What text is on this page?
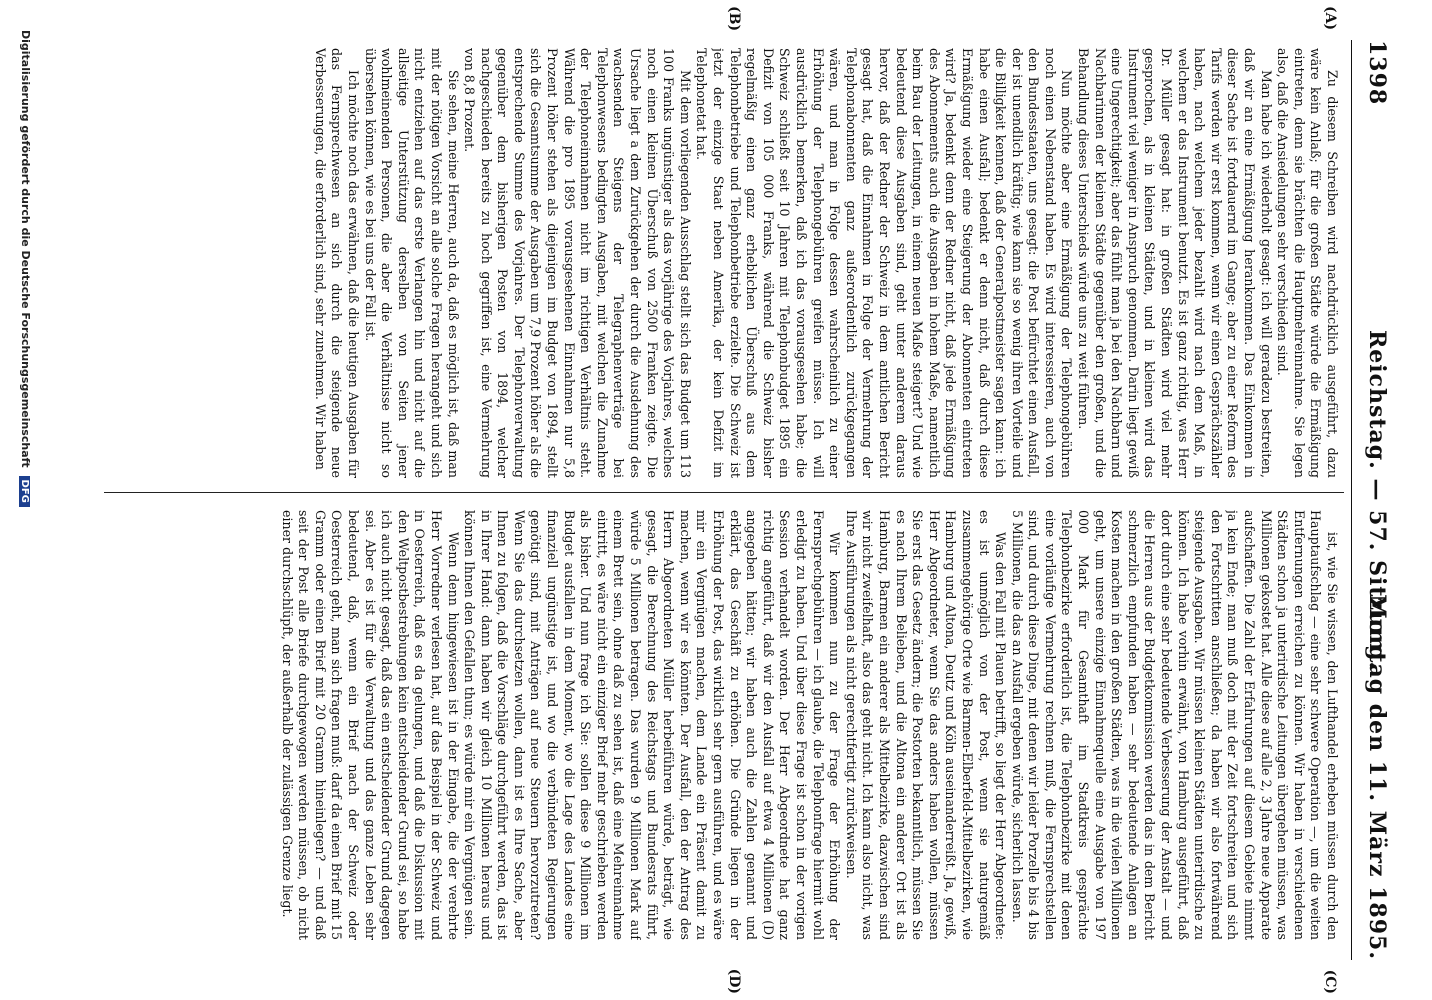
1398
Reichstag. — 57. Sitzung.
Montag den 11. März 1895.
(A)
(B)
(C)
(D)

Zu diesem Schreiben wird nachdrücklich ausgeführt, dazu wäre kein Anlaß; für die großen Städte würde die Ermäßigung eintreten, denn sie brächten die Hauptmehreinnahme. Sie legen also, daß die Ansiedelungen sehr verschieden sind.

Man habe ich wiederholt gesagt: ich will geradezu bestreiten, daß wir an eine Ermäßigung herankommen. Das Einkommen in dieser Sache ist fortdauernd im Gange; aber zu einer Reform des Tarifs werden wir erst kommen, wenn wir einen Gesprächszähler haben, nach welchem jeder bezahlt wird nach dem Maß, in welchem er das Instrument benutzt. Es ist ganz richtig, was Herr Dr. Müller gesagt hat: in großen Städten wird viel mehr gesprochen, als in kleinen Städten, und in kleinen wird das Instrument viel weniger in Anspruch genommen. Darin liegt gewiß eine Ungerechtigkeit; aber das fühlt man ja bei den Nachbarn und Nachbarinnen der kleinen Städte gegenüber den großen, und die Behandlung dieses Unterschieds würde uns zu weit führen.

Nun möchte aber eine Ermäßigung der Telephongebühren noch einen Nebenstand haben. Es wird interessieren, auch von den Bundesstaaten, uns gesagt: die Post befürchtet einen Ausfall, der ist unendlich kräftig; wie kann sie so wenig ihren Vorteile und die Billigkeit kennen, daß der Generalpostmeister sagen kann: ich habe einen Ausfall; bedenkt er denn nicht, daß durch diese Ermäßigung wieder eine Steigerung der Abonnenten eintreten wird? Ja, bedenkt denn der Redner nicht, daß jede Ermäßigung des Abonnements auch die Ausgaben in hohem Maße, namentlich beim Bau der Leitungen, in einem neuen Maße steigert? Und wie bedeutend diese Ausgaben sind, geht unter anderem daraus hervor, daß der Redner der Schweiz in dem amtlichen Bericht gesagt hat, daß die Einnahmen in Folge der Vermehrung der Telephonabonnenten ganz außerordentlich zurückgegangen wären, und man in Folge dessen wahrscheinlich zu einer Erhöhung der Telephongebühren greifen müsse. Ich will ausdrücklich bemerken, daß ich das vorausgesehen habe; die Schweiz schließt seit 10 Jahren mit Telephonbudget 1895 ein Defizit von 105 000 Franks, während die Schweiz bisher regelmäßig einen ganz erheblichen Überschuß aus dem Telephonbetriebe und Telephonbetriebe erzielte. Die Schweiz ist jetzt der einzige Staat neben Amerika, der kein Defizit im Telephonetat hat.

Mit dem vorliegenden Ausschlag stellt sich das Budget um 113 100 Franks ungünstiger als das vorjährige des Vorjahres, welches noch einen kleinen Überschuß von 2500 Franken zeigte. Die Ursache liegt a dem Zurückgehen der durch die Ausdehnung des wachsenden Steigens der Telegraphenverträge bei Telephonwesens bedingten Ausgaben, mit welchen die Zunahme der Telephoneinnahmen nicht im richtigen Verhältnis steht. Während die pro 1895 vorausgesehenen Einnahmen nur 5,8 Prozent höher stehen als diejenigen im Budget von 1894, stellt sich die Gesamtsumme der Ausgaben um 7,9 Prozent höher als die entsprechende Summe des Vorjahres. Der Telephonverwaltung gegenüber dem bisherigen Posten von 1894, welcher nachgeschieden bereits zu hoch gegriffen ist, eine Vermehrung von 8,8 Prozent.

Sie sehen, meine Herren, auch da, daß es möglich ist, daß man mit der nötigen Vorsicht an alle solche Fragen herangeht und sich nicht entziehen auf das erste Verlangen hin und nicht auf die allseitige Unterstützung derselben von Seiten jener wohlmeinenden Personen, die aber die Verhältnisse nicht so übersehen können, wie es bei uns der Fall ist.

Ich möchte noch das erwähnen, daß die heutigen Ausgaben für das Fernsprechwesen an sich durch die steigende neue Verbesserungen, die erforderlich sind, sehr zunehmen. Wir haben

ist, wie Sie wissen, den Lufthandel erheben müssen durch den Hauptaufschlag — eine sehr schwere Operation —, um die weiten Entfernungen erreichen zu können. Wir haben in verschiedenen Städten schon ja unterirdische Leitungen übergehen müssen, was Millionen gekostet hat. Alle diese auf alle 2, 3 Jahre neue Apparate aufschaffen. Die Zahl der Erfahrungen auf diesem Gebiete nimmt ja kein Ende; man muß doch mit der Zeit fortschreiten und sich den Fortschritten anschließen; da haben wir also fortwährend steigende Ausgaben. Wir müssen kleinen Städten unterirdische zu können. Ich habe vorhin erwähnt, von Hamburg ausgeführt, daß dort durch eine sehr bedeutende Verbesserung der Anstalt — und die Herren aus der Budgetkommission werden das in dem Bericht schmerzlich empfunden haben — sehr bedeutende Anlagen an Kosten machen in den großen Städten, was in die vielen Millionen geht, um unsere einzige Einnahmequelle eine Ausgabe von 197 000 Mark für Gesamthaft im Stadtkreis gesprächte Telephonbezirke erforderlich ist, die Telephonbezirke mit denen eine vorläufige Vermehrung rechnen muß, die Fernsprechstellen sind, und durch diese Dinge, mit denen wir leider Porzelle bis 4 bis 5 Millionen, die das an Ausfall ergeben würde, sicherlich lassen.

Was den Fall mit Plauen betrifft, so liegt der Herr Abgeordnete: es ist unmöglich von der Post, wenn sie naturgemäß zusammengehörige Orte wie Barmen-Elberfeld-Mittelbezirken, wie Hamburg und Altona, Deutz und Köln auseinanderreißt. Ja, gewiß, Herr Abgeordneter, wenn Sie das anders haben wollen, müssen Sie erst das Gesetz ändern; die Postorten bekanntlich, müssen Sie es nach Ihrem Belieben, und die Altona ein anderer Ort ist als Hamburg, Barmen ein anderer als Mittelbezirke, dazwischen sind wir nicht zweifelhaft, also das geht nicht. Ich kann also nicht, was Ihre Ausführungen als nicht gerechtfertigt zurückweisen.

Wir kommen nun zu der Frage der Erhöhung der Fernsprechgebühren — ich glaube, die Telephonfrage hiermit wohl erledigt zu haben. Und über diese Frage ist schon in der vorigen Session verhandelt worden. Der Herr Abgeordnete hat ganz richtig angeführt, daß wir den Ausfall auf etwa 4 Millionen (D) angegeben hätten; wir haben auch die Zahlen genannt und erklärt, das Geschäft zu erhöhen. Die Gründe liegen in der Erhöhung der Post, das wirklich sehr gern ausführen, und es wäre mir ein Vergnügen machen, dem Lande ein Präsent damit zu machen, wenn wir es könnten. Der Ausfall, den der Antrag des Herrn Abgeordneten Müller herbeiführen würde, beträgt, wie gesagt, die Berechnung des Reichstags und Bundesrats führt, würde 5 Millionen betragen. Das wurden 9 Millionen Mark auf einem Brett sein, ohne daß zu sehen ist, daß eine Mehreinnahme eintritt, es wäre nicht ein einziger Brief mehr geschrieben werden als bisher. Und nun frage ich Sie: sollen diese 9 Millionen im Budget ausfallen in dem Moment, wo die Lage des Landes eine finanziell ungünstige ist, und wo die verbündeten Regierungen genötigt sind, mit Anträgen auf neue Steuern hervorzutreten? Wenn Sie das durchsetzen wollen, dann ist es Ihre Sache, aber Ihnen zu folgen, daß die Vorschläge durchgeführt werden, das ist in Ihrer Hand: dann haben wir gleich 10 Millionen heraus und können Ihnen den Gefallen thun; es würde mir ein Vergnügen sein.

Wenn denn hingewiesen ist in der Eingabe, die der verehrte Herr Vorredner verlesen hat, auf das Beispiel in der Schweiz und in Oesterreich, daß es da gelungen, und daß die Diskussion mit den Weltpostbestrebungen kein entscheidender Grund sei, so habe ich auch nicht gesagt, daß das ein entscheidender Grund dagegen sei. Aber es ist für die Verwaltung und das ganze Leben sehr bedeutend, daß, wenn ein Brief nach der Schweiz oder Oesterreich geht, man sich fragen muß: darf da einen Brief mit 15 Gramm oder einen Brief mit 20 Gramm hineinlegen? — und daß seit der Post alle Briefe durchgewogen werden müssen, ob nicht einer durchschlüpft, der außerhalb der zulässigen Grenze liegt.

Digitalisierung gefördert durch die Deutsche Forschungsgemeinschaft DFG
